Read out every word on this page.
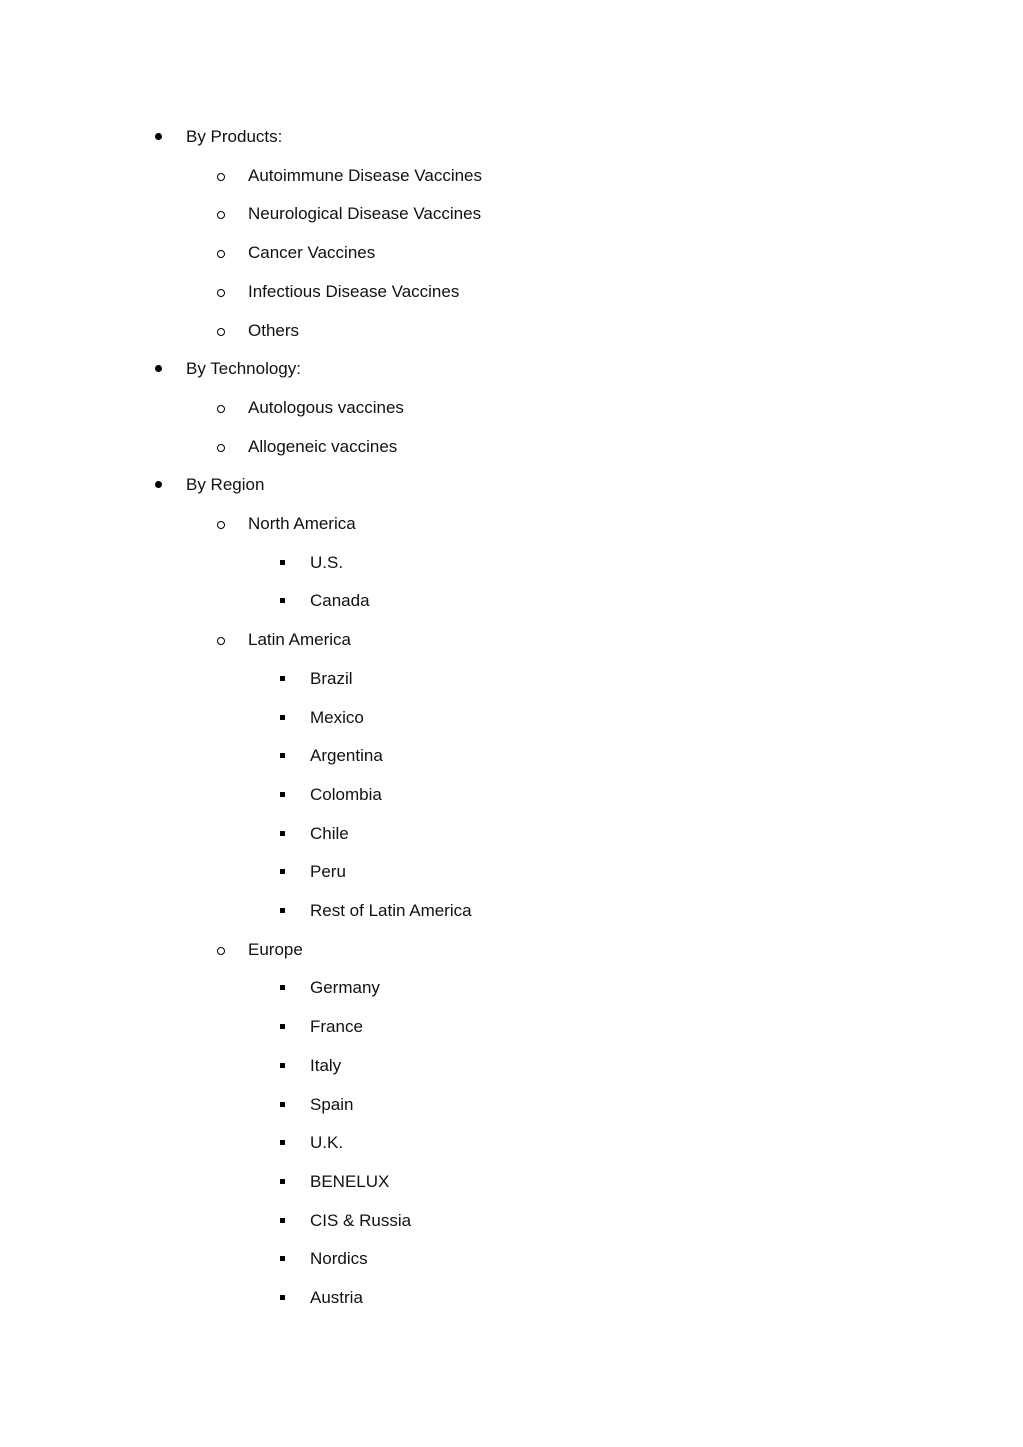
By Products:
Autoimmune Disease Vaccines
Neurological Disease Vaccines
Cancer Vaccines
Infectious Disease Vaccines
Others
By Technology:
Autologous vaccines
Allogeneic vaccines
By Region
North America
U.S.
Canada
Latin America
Brazil
Mexico
Argentina
Colombia
Chile
Peru
Rest of Latin America
Europe
Germany
France
Italy
Spain
U.K.
BENELUX
CIS & Russia
Nordics
Austria
